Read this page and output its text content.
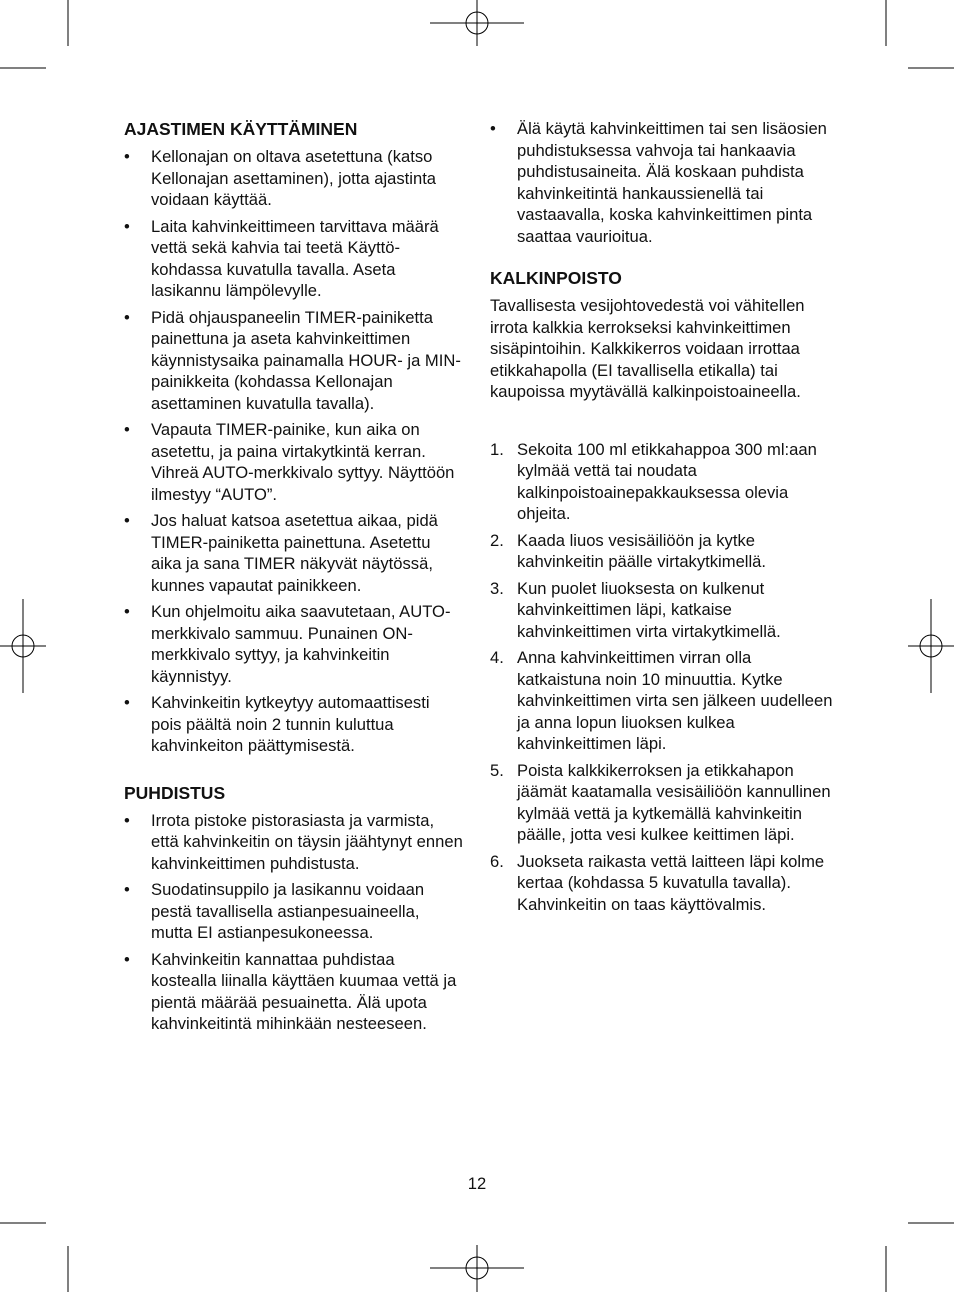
AJASTIMEN KÄYTTÄMINEN
• Kellonajan on oltava asetettuna (katso Kellonajan asettaminen), jotta ajastinta voidaan käyttää.
• Laita kahvinkeittimeen tarvittava määrä vettä sekä kahvia tai teetä Käyttö-kohdassa kuvatulla tavalla. Aseta lasikannu lämpölevylle.
• Pidä ohjauspaneelin TIMER-painiketta painettuna ja aseta kahvinkeittimen käynnistysaika painamalla HOUR- ja MIN-painikkeita (kohdassa Kellonajan asettaminen kuvatulla tavalla).
• Vapauta TIMER-painike, kun aika on asetettu, ja paina virtakytkintä kerran. Vihreä AUTO-merkkivalo syttyy. Näyttöön ilmestyy “AUTO”.
• Jos haluat katsoa asetettua aikaa, pidä TIMER-painiketta painettuna. Asetettu aika ja sana TIMER näkyvät näytössä, kunnes vapautat painikkeen.
• Kun ohjelmoitu aika saavutetaan, AUTO-merkkivalo sammuu. Punainen ON-merkkivalo syttyy, ja kahvinkeitin käynnistyy.
• Kahvinkeitin kytkeytyy automaattisesti pois päältä noin 2 tunnin kuluttua kahvinkeiton päättymisestä.
PUHDISTUS
• Irrota pistoke pistorasiasta ja varmista, että kahvinkeitin on täysin jäähtynyt ennen kahvinkeittimen puhdistusta.
• Suodatinsuppilo ja lasikannu voidaan pestä tavallisella astianpesuaineella, mutta EI astianpesukoneessa.
• Kahvinkeitin kannattaa puhdistaa kostealla liinalla käyttäen kuumaa vettä ja pientä määrää pesuainetta. Älä upota kahvinkeitintä mihinkään nesteeseen.
• Älä käytä kahvinkeittimen tai sen lisäosien puhdistuksessa vahvoja tai hankaavia puhdistusaineita. Älä koskaan puhdista kahvinkeitintä hankaussienellä tai vastaavalla, koska kahvinkeittimen pinta saattaa vaurioitua.
KALKINPOISTO

Tavallisesta vesijohtovedestä voi vähitellen irrota kalkkia kerrokseksi kahvinkeittimen sisäpintoihin. Kalkkikerros voidaan irrottaa etikkahapolla (EI tavallisella etikalla) tai kaupoissa myytävällä kalkinpoistoaineella.

1. Sekoita 100 ml etikkahappoa 300 ml:aan kylmää vettä tai noudata kalkinpoistoainepakkauksessa olevia ohjeita.
2. Kaada liuos vesisäiliöön ja kytke kahvinkeitin päälle virtakytkimellä.
3. Kun puolet liuoksesta on kulkenut kahvinkeittimen läpi, katkaise kahvinkeittimen virta virtakytkimellä.
4. Anna kahvinkeittimen virran olla katkaistuna noin 10 minuuttia. Kytke kahvinkeittimen virta sen jälkeen uudelleen ja anna lopun liuoksen kulkea kahvinkeittimen läpi.
5. Poista kalkkikerroksen ja etikkahapon jäämät kaatamalla vesisäiliöön kannullinen kylmää vettä ja kytkemällä kahvinkeitin päälle, jotta vesi kulkee keittimen läpi.
6. Juokseta raikasta vettä laitteen läpi kolme kertaa (kohdassa 5 kuvatulla tavalla). Kahvinkeitin on taas käyttövalmis.
12
